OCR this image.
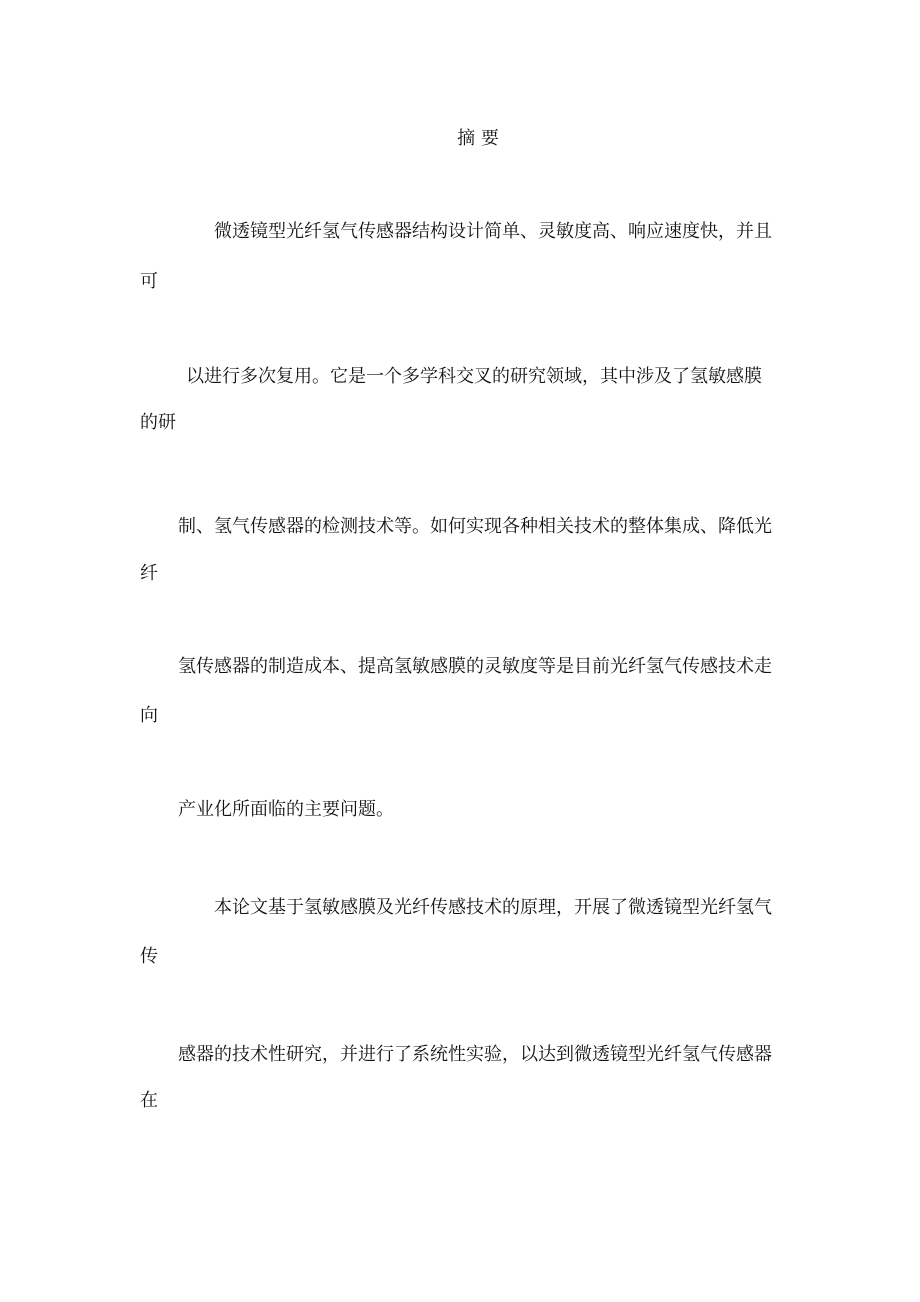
摘 要
微透镜型光纤氢气传感器结构设计简单、灵敏度高、响应速度快，并且
可
以进行多次复用。它是一个多学科交叉的研究领域，其中涉及了氢敏感膜
的研
制、氢气传感器的检测技术等。如何实现各种相关技术的整体集成、降低光
纤
氢传感器的制造成本、提高氢敏感膜的灵敏度等是目前光纤氢气传感技术走
向
产业化所面临的主要问题。
本论文基于氢敏感膜及光纤传感技术的原理，开展了微透镜型光纤氢气
传
感器的技术性研究，并进行了系统性实验，以达到微透镜型光纤氢气传感器
在
